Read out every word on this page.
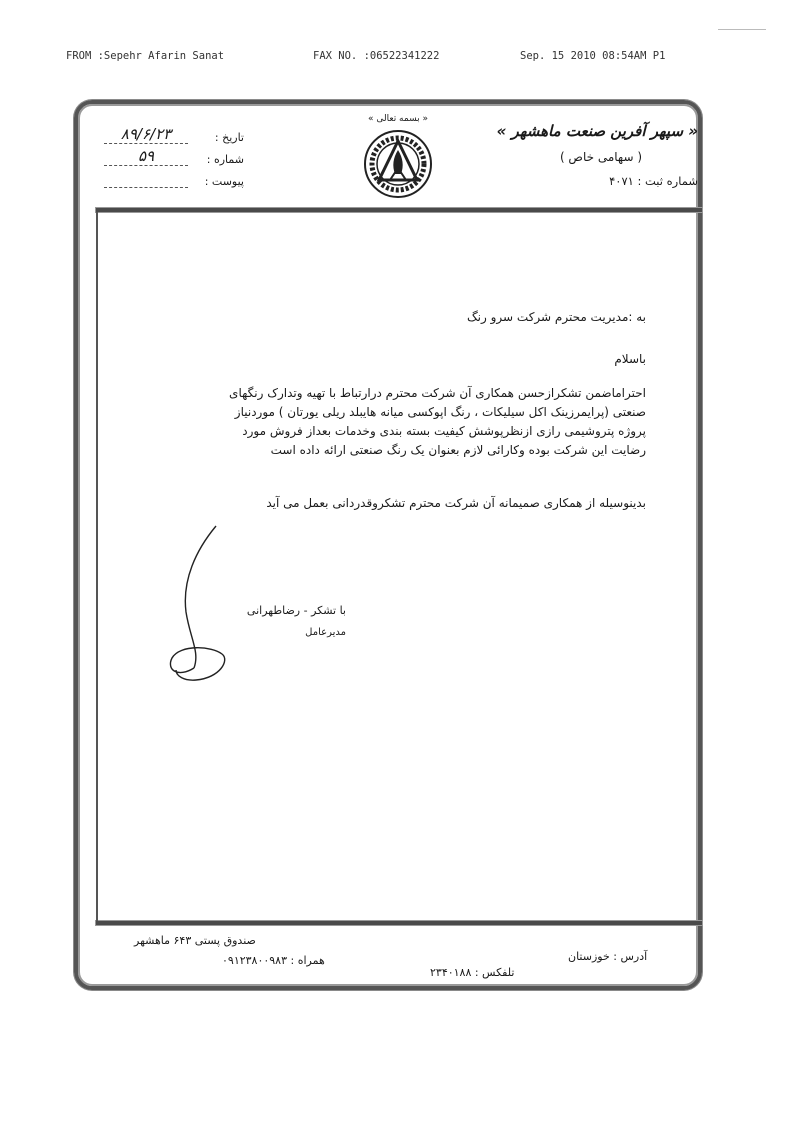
FROM :Sepehr Afarin Sanat	FAX NO. :06522341222	Sep. 15 2010 08:54AM P1
« سپهر آفرین صنعت ماهشهر »
( سهامی خاص )
شماره ثبت : ۴۰۷۱
« بسمه تعالی »
تاریخ :
۸۹/۶/۲۳
شماره :
۵۹
پیوست :
به :مدیریت محترم شرکت سرو رنگ
باسلام
احتراماضمن تشکرازحسن همکاری آن شرکت محترم درارتباط با تهیه وتدارک رنگهای صنعتی (پرایمرزینک اکل سیلیکات ، رنگ اپوکسی میانه هایبلد ریلی یورتان ) موردنیاز پروژه پتروشیمی رازی ازنظرپوشش کیفیت بسته بندی وخدمات بعداز فروش مورد رضایت این شرکت بوده وکارائی لازم بعنوان یک رنگ صنعتی ارائه داده است
بدینوسیله از همکاری صمیمانه آن شرکت محترم تشکروقدردانی بعمل می آید
با تشکر - رضاطهرانی
مدیرعامل
صندوق پستی ۶۴۳ ماهشهر
همراه : ۰۹۱۲۳۸۰۰۹۸۳	آدرس : خوزستان
تلفکس : ۲۳۴۰۱۸۸
